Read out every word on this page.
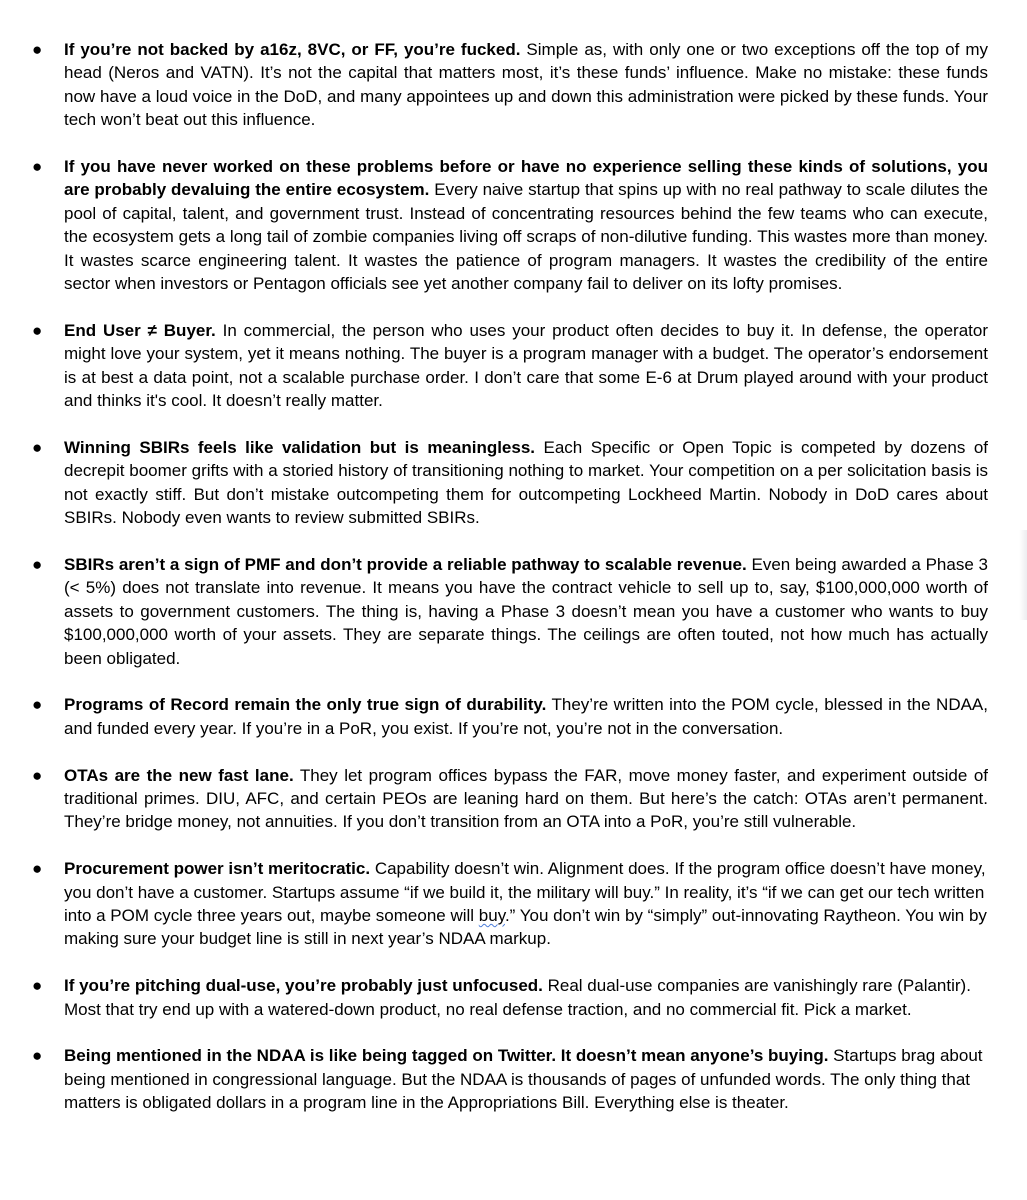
● If you’re not backed by a16z, 8VC, or FF, you’re fucked. Simple as, with only one or two exceptions off the top of my head (Neros and VATN). It’s not the capital that matters most, it’s these funds’ influence. Make no mistake: these funds now have a loud voice in the DoD, and many appointees up and down this administration were picked by these funds. Your tech won’t beat out this influence.
● If you have never worked on these problems before or have no experience selling these kinds of solutions, you are probably devaluing the entire ecosystem. Every naive startup that spins up with no real pathway to scale dilutes the pool of capital, talent, and government trust. Instead of concentrating resources behind the few teams who can execute, the ecosystem gets a long tail of zombie companies living off scraps of non-dilutive funding. This wastes more than money. It wastes scarce engineering talent. It wastes the patience of program managers. It wastes the credibility of the entire sector when investors or Pentagon officials see yet another company fail to deliver on its lofty promises.
● End User ≠ Buyer. In commercial, the person who uses your product often decides to buy it. In defense, the operator might love your system, yet it means nothing. The buyer is a program manager with a budget. The operator’s endorsement is at best a data point, not a scalable purchase order. I don’t care that some E-6 at Drum played around with your product and thinks it's cool. It doesn’t really matter.
● Winning SBIRs feels like validation but is meaningless. Each Specific or Open Topic is competed by dozens of decrepit boomer grifts with a storied history of transitioning nothing to market. Your competition on a per solicitation basis is not exactly stiff. But don’t mistake outcompeting them for outcompeting Lockheed Martin. Nobody in DoD cares about SBIRs. Nobody even wants to review submitted SBIRs.
● SBIRs aren’t a sign of PMF and don’t provide a reliable pathway to scalable revenue. Even being awarded a Phase 3 (< 5%) does not translate into revenue. It means you have the contract vehicle to sell up to, say, $100,000,000 worth of assets to government customers. The thing is, having a Phase 3 doesn’t mean you have a customer who wants to buy $100,000,000 worth of your assets. They are separate things. The ceilings are often touted, not how much has actually been obligated.
● Programs of Record remain the only true sign of durability. They’re written into the POM cycle, blessed in the NDAA, and funded every year. If you’re in a PoR, you exist. If you’re not, you’re not in the conversation.
● OTAs are the new fast lane. They let program offices bypass the FAR, move money faster, and experiment outside of traditional primes. DIU, AFC, and certain PEOs are leaning hard on them. But here’s the catch: OTAs aren’t permanent. They’re bridge money, not annuities. If you don’t transition from an OTA into a PoR, you’re still vulnerable.
● Procurement power isn’t meritocratic. Capability doesn’t win. Alignment does. If the program office doesn’t have money, you don’t have a customer. Startups assume “if we build it, the military will buy.” In reality, it’s “if we can get our tech written into a POM cycle three years out, maybe someone will buy.” You don’t win by “simply” out-innovating Raytheon. You win by making sure your budget line is still in next year’s NDAA markup.
● If you’re pitching dual-use, you’re probably just unfocused. Real dual-use companies are vanishingly rare (Palantir). Most that try end up with a watered-down product, no real defense traction, and no commercial fit. Pick a market.
● Being mentioned in the NDAA is like being tagged on Twitter. It doesn’t mean anyone’s buying. Startups brag about being mentioned in congressional language. But the NDAA is thousands of pages of unfunded words. The only thing that matters is obligated dollars in a program line in the Appropriations Bill. Everything else is theater.
